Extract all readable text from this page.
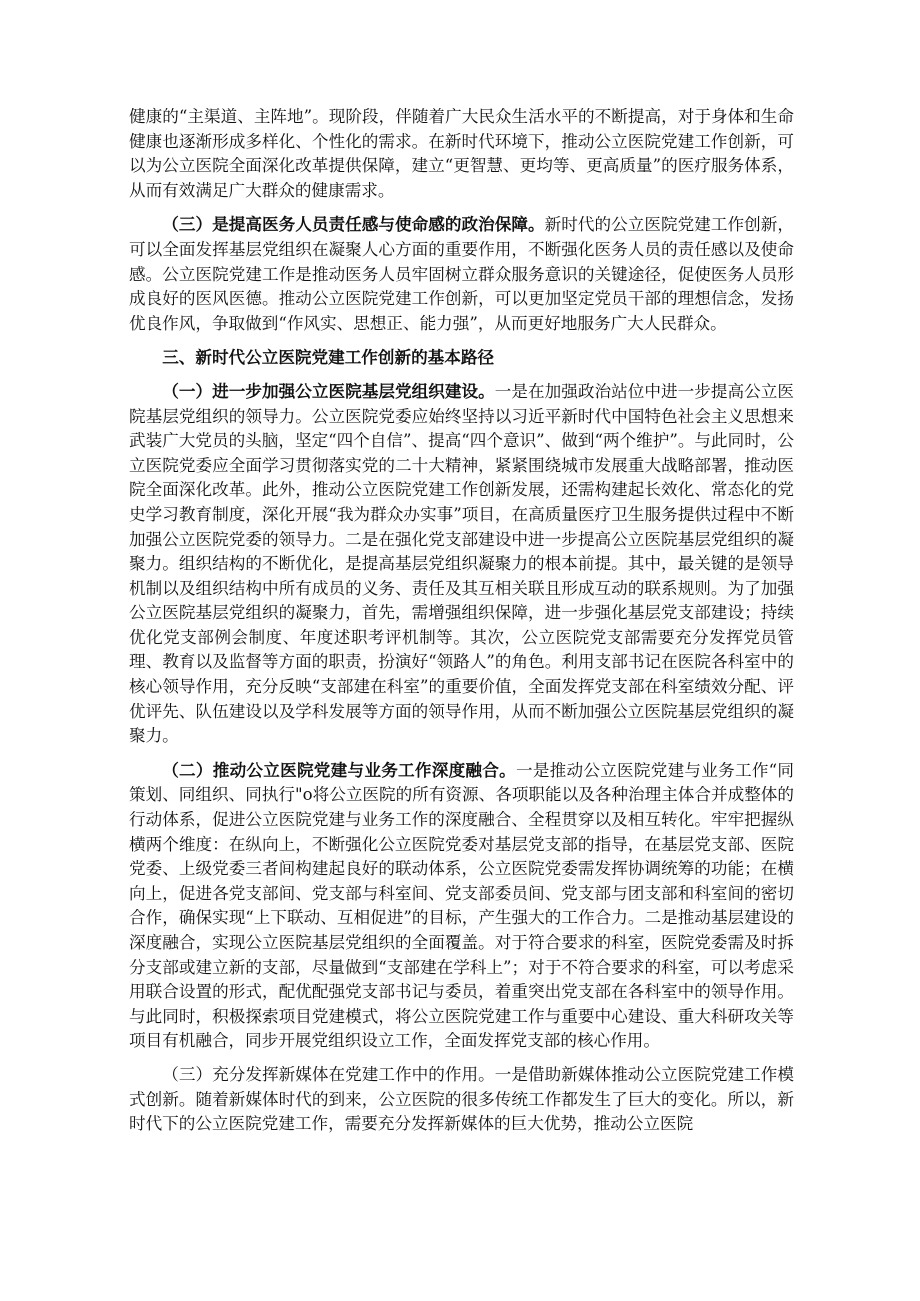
健康的“主渠道、主阵地”。现阶段，伴随着广大民众生活水平的不断提高，对于身体和生命健康也逐渐形成多样化、个性化的需求。在新时代环境下，推动公立医院党建工作创新，可以为公立医院全面深化改革提供保障，建立“更智慧、更均等、更高质量”的医疗服务体系，从而有效满足广大群众的健康需求。

（三）是提高医务人员责任感与使命感的政治保障。新时代的公立医院党建工作创新，可以全面发挥基层党组织在凝聚人心方面的重要作用，不断强化医务人员的责任感以及使命感。公立医院党建工作是推动医务人员牢固树立群众服务意识的关键途径，促使医务人员形成良好的医风医德。推动公立医院党建工作创新，可以更加坚定党员干部的理想信念，发扬优良作风，争取做到“作风实、思想正、能力强”，从而更好地服务广大人民群众。

三、新时代公立医院党建工作创新的基本路径

（一）进一步加强公立医院基层党组织建设。一是在加强政治站位中进一步提高公立医院基层党组织的领导力。公立医院党委应始终坚持以习近平新时代中国特色社会主义思想来武装广大党员的头脑，坚定“四个自信”、提高“四个意识”、做到“两个维护”。与此同时，公立医院党委应全面学习贯彻落实党的二十大精神，紧紧围绕城市发展重大战略部署，推动医院全面深化改革。此外，推动公立医院党建工作创新发展，还需构建起长效化、常态化的党史学习教育制度，深化开展“我为群众办实事”项目，在高质量医疗卫生服务提供过程中不断加强公立医院党委的领导力。二是在强化党支部建设中进一步提高公立医院基层党组织的凝聚力。组织结构的不断优化，是提高基层党组织凝聚力的根本前提。其中，最关键的是领导机制以及组织结构中所有成员的义务、责任及其互相关联且形成互动的联系规则。为了加强公立医院基层党组织的凝聚力，首先，需增强组织保障，进一步强化基层党支部建设；持续优化党支部例会制度、年度述职考评机制等。其次，公立医院党支部需要充分发挥党员管理、教育以及监督等方面的职责，扮演好“领路人”的角色。利用支部书记在医院各科室中的核心领导作用，充分反映“支部建在科室”的重要价值，全面发挥党支部在科室绩效分配、评优评先、队伍建设以及学科发展等方面的领导作用，从而不断加强公立医院基层党组织的凝聚力。

（二）推动公立医院党建与业务工作深度融合。一是推动公立医院党建与业务工作“同策划、同组织、同执行"o将公立医院的所有资源、各项职能以及各种治理主体合并成整体的行动体系，促进公立医院党建与业务工作的深度融合、全程贯穿以及相互转化。牢牢把握纵横两个维度：在纵向上，不断强化公立医院党委对基层党支部的指导，在基层党支部、医院党委、上级党委三者间构建起良好的联动体系，公立医院党委需发挥协调统筹的功能；在横向上，促进各党支部间、党支部与科室间、党支部委员间、党支部与团支部和科室间的密切合作，确保实现“上下联动、互相促进”的目标，产生强大的工作合力。二是推动基层建设的深度融合，实现公立医院基层党组织的全面覆盖。对于符合要求的科室，医院党委需及时拆分支部或建立新的支部，尽量做到“支部建在学科上”；对于不符合要求的科室，可以考虑采用联合设置的形式，配优配强党支部书记与委员，着重突出党支部在各科室中的领导作用。与此同时，积极探索项目党建模式，将公立医院党建工作与重要中心建设、重大科研攻关等项目有机融合，同步开展党组织设立工作，全面发挥党支部的核心作用。

（三）充分发挥新媒体在党建工作中的作用。一是借助新媒体推动公立医院党建工作模式创新。随着新媒体时代的到来，公立医院的很多传统工作都发生了巨大的变化。所以，新时代下的公立医院党建工作，需要充分发挥新媒体的巨大优势，推动公立医院
